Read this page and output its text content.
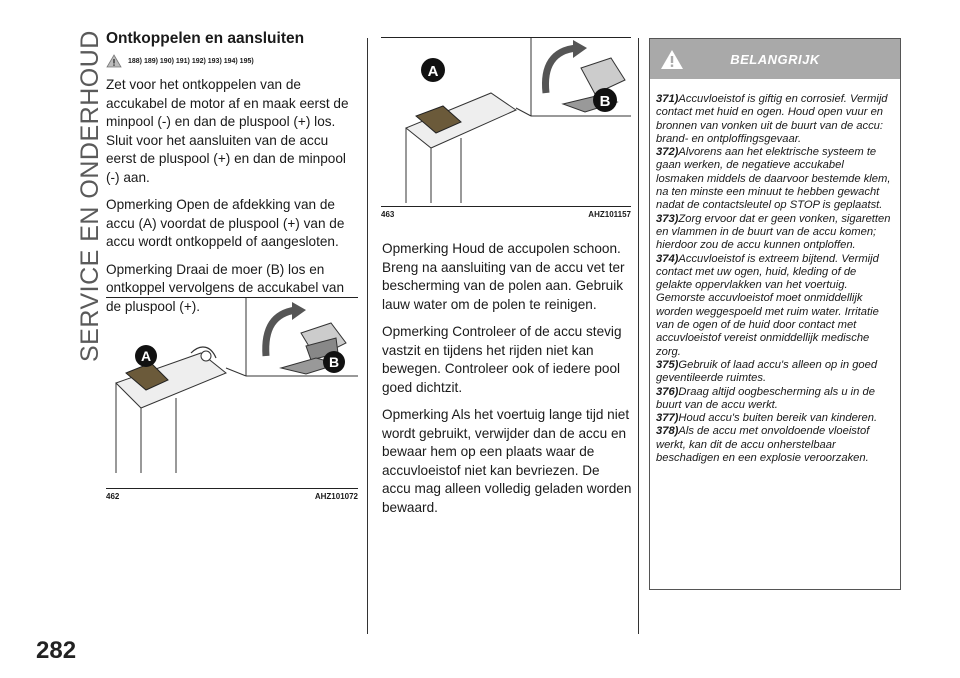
SERVICE EN ONDERHOUD
282
Ontkoppelen en aansluiten
188) 189) 190) 191) 192) 193) 194) 195)

Zet voor het ontkoppelen van de accukabel de motor af en maak eerst de minpool (-) en dan de pluspool (+) los. Sluit voor het aansluiten van de accu eerst de pluspool (+) en dan de minpool (-) aan.

Opmerking Open de afdekking van de accu (A) voordat de pluspool (+) van de accu wordt ontkoppeld of aangesloten.

Opmerking Draai de moer (B) los en ontkoppel vervolgens de accukabel van de pluspool (+).

A	B
462	AHZ101072
A
B
463	AHZ101157

Opmerking Houd de accupolen schoon. Breng na aansluiting van de accu vet ter bescherming van de polen aan. Gebruik lauw water om de polen te reinigen.

Opmerking Controleer of de accu stevig vastzit en tijdens het rijden niet kan bewegen. Controleer ook of iedere pool goed dichtzit.

Opmerking Als het voertuig lange tijd niet wordt gebruikt, verwijder dan de accu en bewaar hem op een plaats waar de accuvloeistof niet kan bevriezen. De accu mag alleen volledig geladen worden bewaard.

BELANGRIJK

371)Accuvloeistof is giftig en corrosief. Vermijd contact met huid en ogen. Houd open vuur en bronnen van vonken uit de buurt van de accu: brand- en ontploffingsgevaar.

372)Alvorens aan het elektrische systeem te gaan werken, de negatieve accukabel losmaken middels de daarvoor bestemde klem, na ten minste een minuut te hebben gewacht nadat de contactsleutel op STOP is geplaatst.

373)Zorg ervoor dat er geen vonken, sigaretten en vlammen in de buurt van de accu komen; hierdoor zou de accu kunnen ontploffen.

374)Accuvloeistof is extreem bijtend. Vermijd contact met uw ogen, huid, kleding of de gelakte oppervlakken van het voertuig. Gemorste accuvloeistof moet onmiddellijk worden weggespoeld met ruim water. Irritatie van de ogen of de huid door contact met accuvloeistof vereist onmiddellijk medische zorg.

375)Gebruik of laad accu's alleen op in goed geventileerde ruimtes.

376)Draag altijd oogbescherming als u in de buurt van de accu werkt.

377)Houd accu's buiten bereik van kinderen.

378)Als de accu met onvoldoende vloeistof werkt, kan dit de accu onherstelbaar beschadigen en een explosie veroorzaken.
